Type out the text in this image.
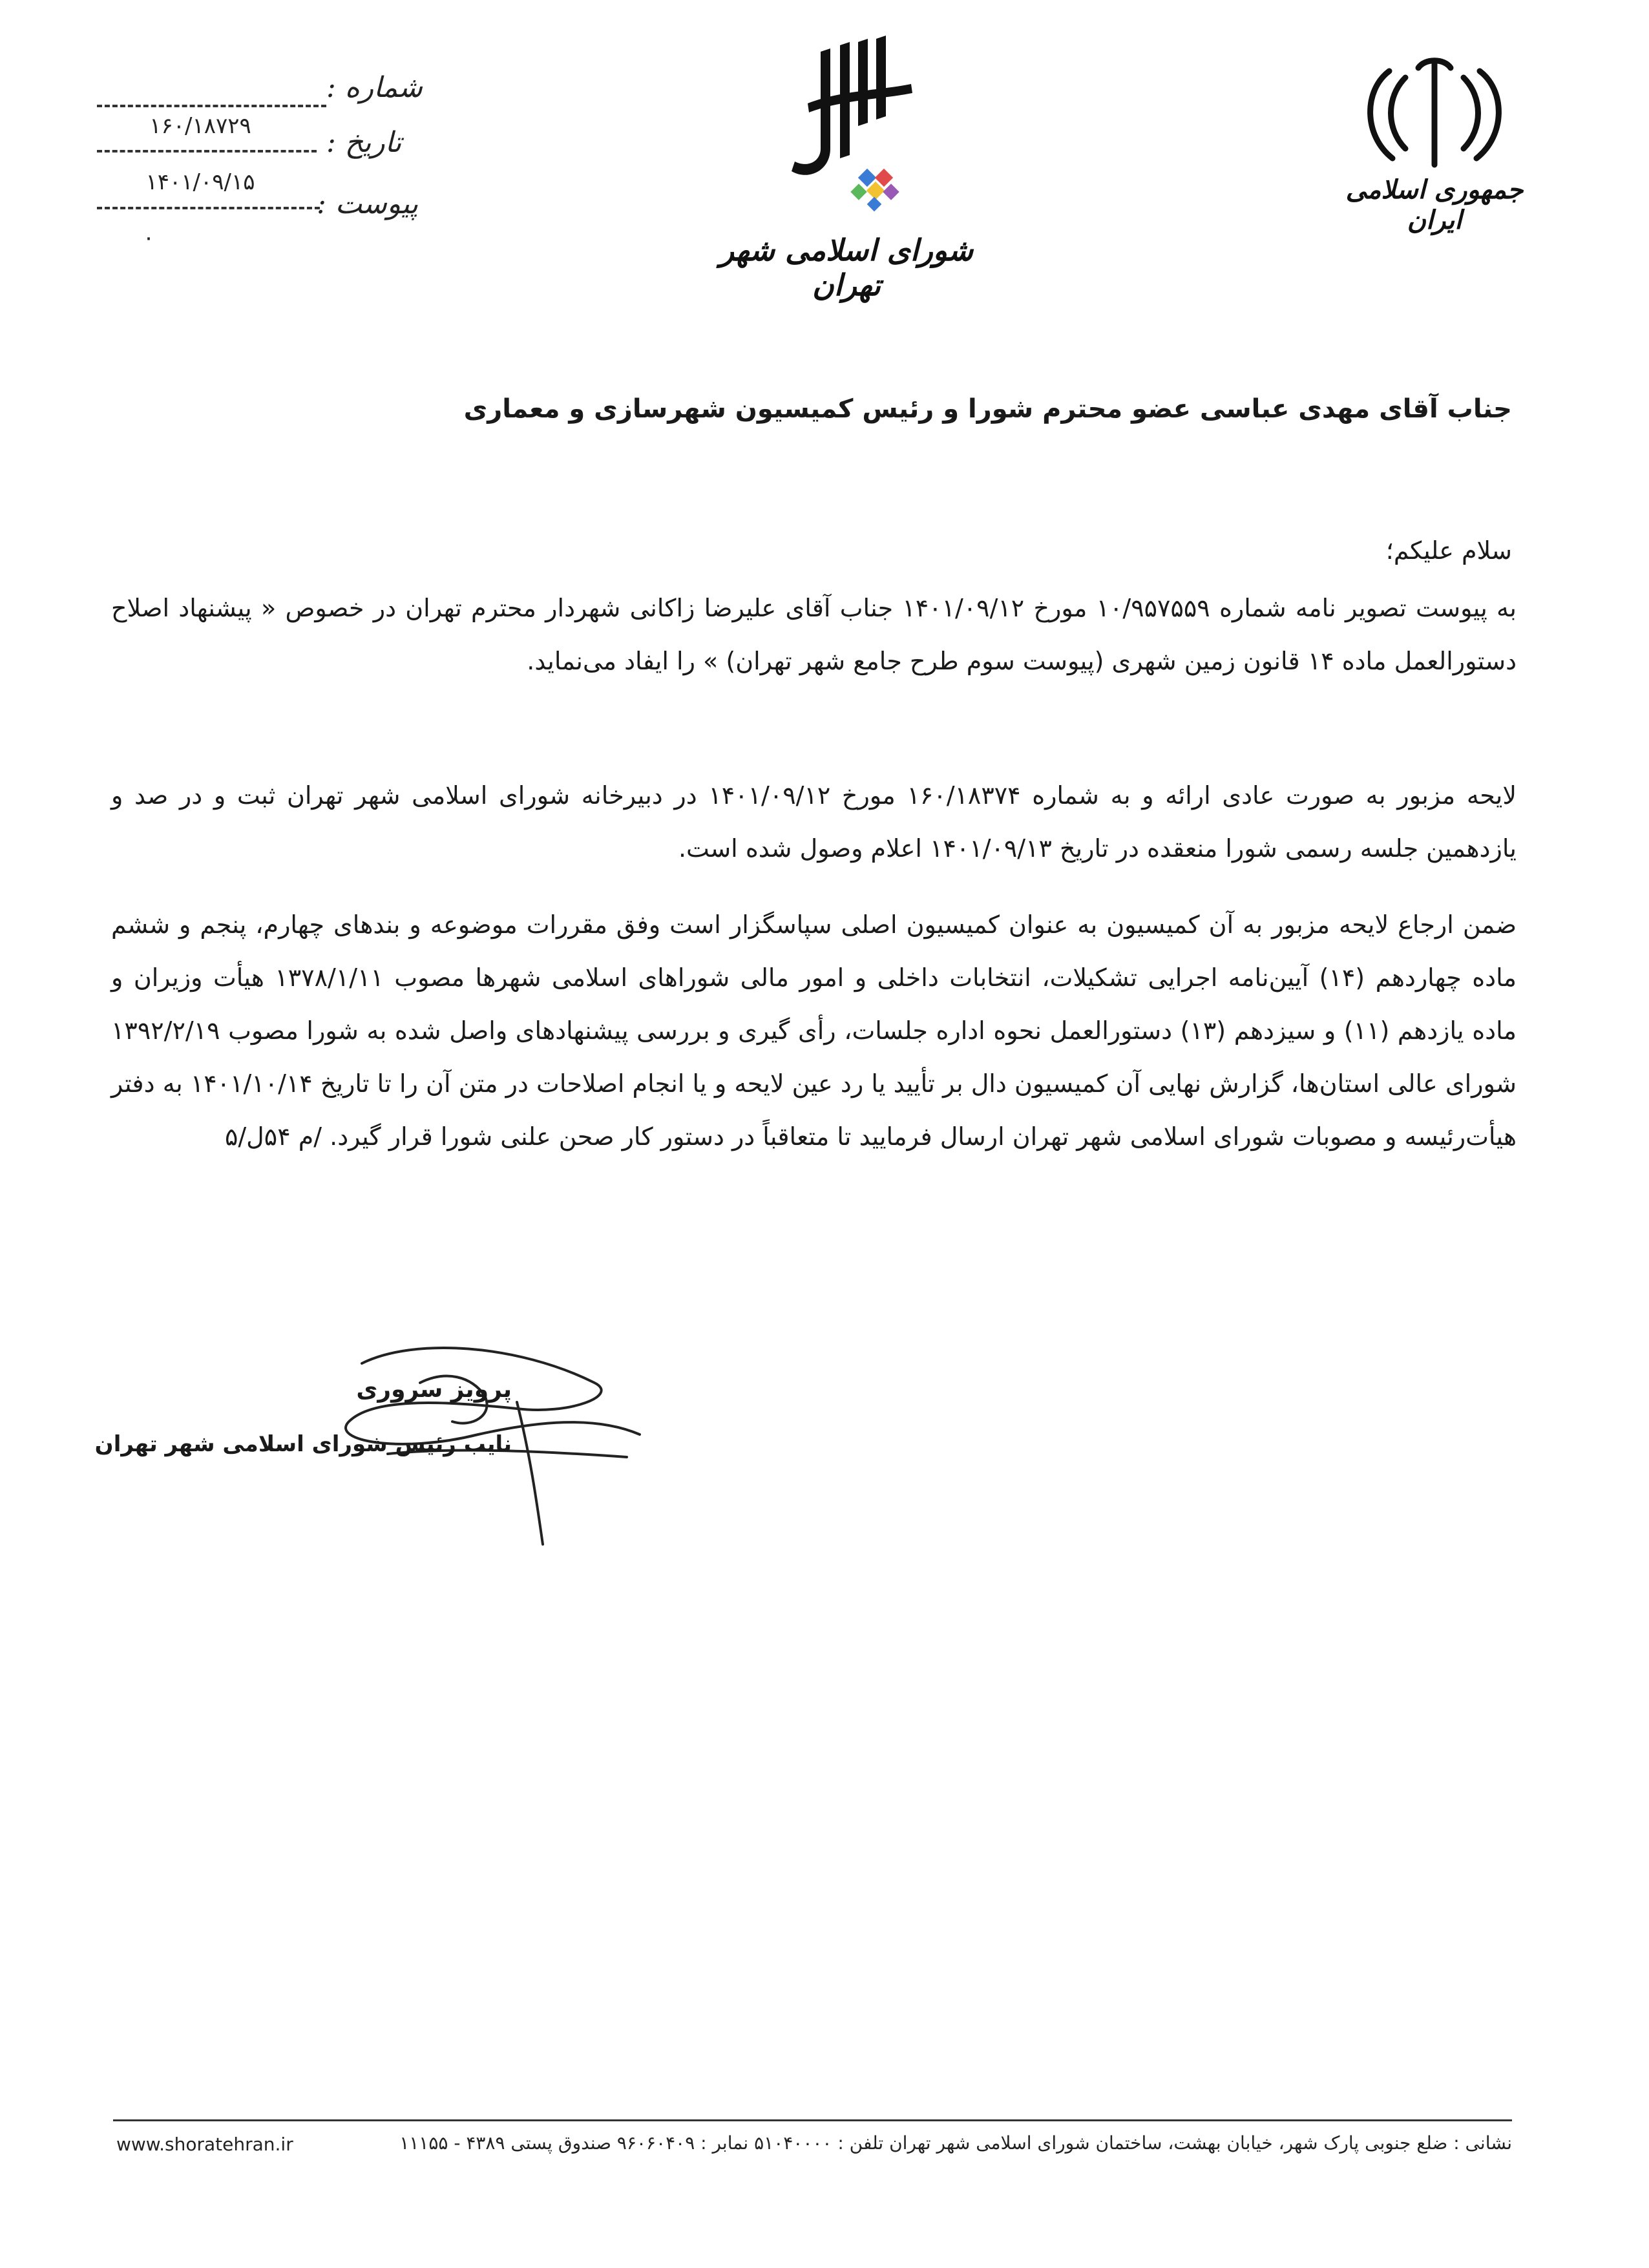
شماره :
۱۶۰/۱۸۷۲۹	تاریخ :
۱۴۰۱/۰۹/۱۵
پیوست :
۰	شورای اسلامی شهر تهران
جمهوری اسلامی ایران
جناب آقای مهدی عباسی عضو محترم شورا و رئیس کمیسیون شهرسازی و معماری
سلام علیکم؛
به پیوست تصویر نامه شماره ۱۰/۹۵۷۵۵۹ مورخ ۱۴۰۱/۰۹/۱۲ جناب آقای علیرضا زاکانی شهردار محترم تهران در خصوص « پیشنهاد اصلاح دستورالعمل ماده ۱۴ قانون زمین شهری (پیوست سوم طرح جامع شهر تهران) » را ایفاد می‌نماید.
لایحه مزبور به صورت عادی ارائه و به شماره ۱۶۰/۱۸۳۷۴ مورخ ۱۴۰۱/۰۹/۱۲ در دبیرخانه شورای اسلامی شهر تهران ثبت و در صد و یازدهمین جلسه رسمی شورا منعقده در تاریخ ۱۴۰۱/۰۹/۱۳ اعلام وصول شده است.
ضمن ارجاع لایحه مزبور به آن کمیسیون به عنوان کمیسیون اصلی سپاسگزار است وفق مقررات موضوعه و بندهای چهارم، پنجم و ششم ماده چهاردهم (۱۴) آیین‌نامه اجرایی تشکیلات، انتخابات داخلی و امور مالی شوراهای اسلامی شهرها مصوب ۱۳۷۸/۱/۱۱ هیأت وزیران و ماده یازدهم (۱۱) و سیزدهم (۱۳) دستورالعمل نحوه اداره جلسات، رأی گیری و بررسی پیشنهادهای واصل شده به شورا مصوب ۱۳۹۲/۲/۱۹ شورای عالی استان‌ها، گزارش نهایی آن کمیسیون دال بر تأیید یا رد عین لایحه و یا انجام اصلاحات در متن آن را تا تاریخ ۱۴۰۱/۱۰/۱۴ به دفتر هیأت‌رئیسه و مصوبات شورای اسلامی شهر تهران ارسال فرمایید تا متعاقباً در دستور کار صحن علنی شورا قرار گیرد. /م ۵۴ل/۵
پرویز سروری
نایب رئیس شورای اسلامی شهر تهران
نشانی : ضلع جنوبی پارک شهر، خیابان بهشت، ساختمان شورای اسلامی شهر تهران تلفن : ۵۱۰۴۰۰۰۰ نمابر : ۹۶۰۶۰۴۰۹ صندوق پستی ۴۳۸۹ - ۱۱۱۵۵
www.shoratehran.ir
